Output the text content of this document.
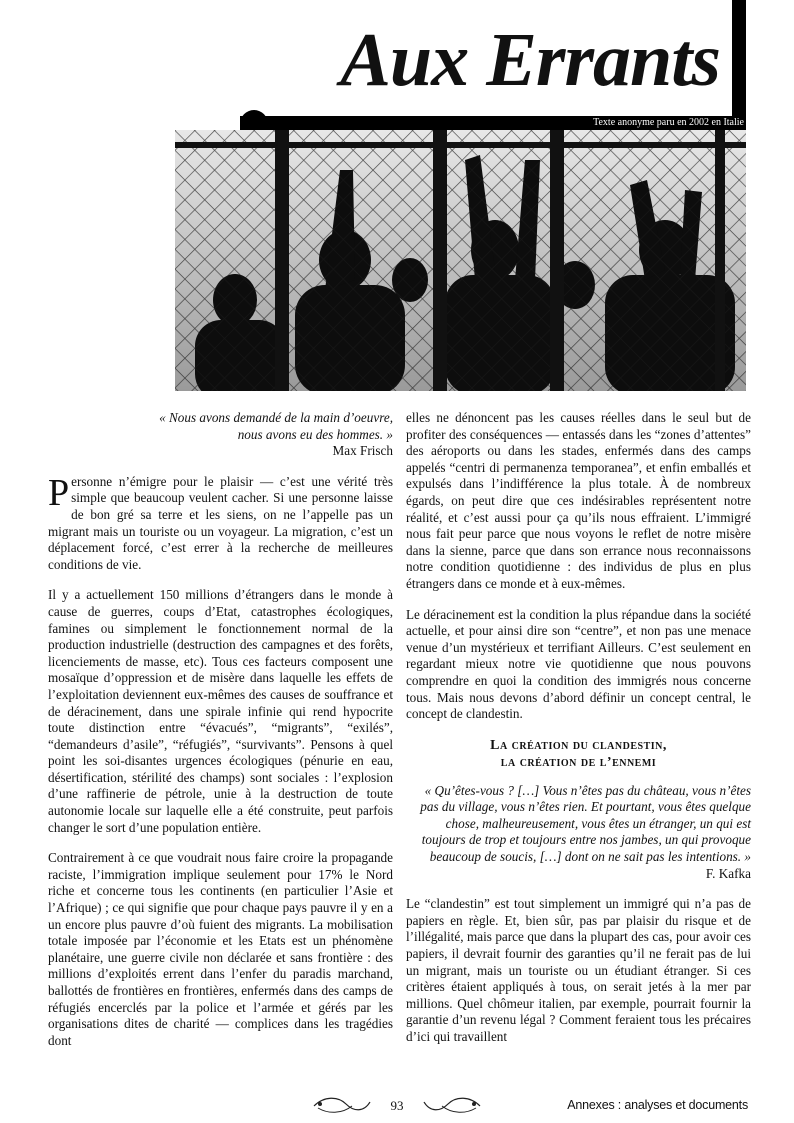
Aux Errants
Texte anonyme paru en 2002 en Italie
« Nous avons demandé de la main d’oeuvre,
nous avons eu des hommes. »
Max Frisch

Personne n’émigre pour le plaisir — c’est une vérité très simple que beaucoup veulent cacher. Si une personne laisse de bon gré sa terre et les siens, on ne l’appelle pas un migrant mais un touriste ou un voyageur. La migration, c’est un déplacement forcé, c’est errer à la recherche de meilleures conditions de vie.

Il y a actuellement 150 millions d’étrangers dans le monde à cause de guerres, coups d’Etat, catastrophes écologiques, famines ou simplement le fonctionnement normal de la production industrielle (destruction des campagnes et des forêts, licenciements de masse, etc). Tous ces facteurs composent une mosaïque d’oppression et de misère dans laquelle les effets de l’exploitation deviennent eux-mêmes des causes de souffrance et de déracinement, dans une spirale infinie qui rend hypocrite toute distinction entre “évacués”, “migrants”, “exilés”, “demandeurs d’asile”, “réfugiés”, “survivants”. Pensons à quel point les soi-disantes urgences écologiques (pénurie en eau, désertification, stérilité des champs) sont sociales : l’explosion d’une raffinerie de pétrole, unie à la destruction de toute autonomie locale sur laquelle elle a été construite, peut parfois changer le sort d’une population entière.

Contrairement à ce que voudrait nous faire croire la propagande raciste, l’immigration implique seulement pour 17% le Nord riche et concerne tous les continents (en particulier l’Asie et l’Afrique) ; ce qui signifie que pour chaque pays pauvre il y en a un encore plus pauvre d’où fuient des migrants. La mobilisation totale imposée par l’économie et les Etats est un phénomène planétaire, une guerre civile non déclarée et sans frontière : des millions d’exploités errent dans l’enfer du paradis marchand, ballottés de frontières en frontières, enfermés dans des camps de réfugiés encerclés par la police et l’armée et gérés par les organisations dites de charité — complices dans les tragédies dont

elles ne dénoncent pas les causes réelles dans le seul but de profiter des conséquences — entassés dans les “zones d’attentes” des aéroports ou dans les stades, enfermés dans des camps appelés “centri di permanenza temporanea”, et enfin emballés et expulsés dans l’indifférence la plus totale. À de nombreux égards, on peut dire que ces indésirables représentent notre réalité, et c’est aussi pour ça qu’ils nous effraient. L’immigré nous fait peur parce que nous voyons le reflet de notre misère dans la sienne, parce que dans son errance nous reconnaissons notre condition quotidienne : des individus de plus en plus étrangers dans ce monde et à eux-mêmes.

Le déracinement est la condition la plus répandue dans la société actuelle, et pour ainsi dire son “centre”, et non pas une menace venue d’un mystérieux et terrifiant Ailleurs. C’est seulement en regardant mieux notre vie quotidienne que nous pouvons comprendre en quoi la condition des immigrés nous concerne tous. Mais nous devons d’abord définir un concept central, le concept de clandestin.

La création du clandestin,
la création de l’ennemi
« Qu’êtes-vous ? […] Vous n’êtes pas du château, vous n’êtes pas du village, vous n’êtes rien. Et pourtant, vous êtes quelque chose, malheureusement, vous êtes un étranger, un qui est toujours de trop et toujours entre nos jambes, un qui provoque beaucoup de soucis, […] dont on ne sait pas les intentions. »
F. Kafka

Le “clandestin” est tout simplement un immigré qui n’a pas de papiers en règle. Et, bien sûr, pas par plaisir du risque et de l’illégalité, mais parce que dans la plupart des cas, pour avoir ces papiers, il devrait fournir des garanties qu’il ne ferait pas de lui un migrant, mais un touriste ou un étudiant étranger. Si ces critères étaient appliqués à tous, on serait jetés à la mer par millions. Quel chômeur italien, par exemple, pourrait fournir la garantie d’un revenu légal ? Comment feraient tous les précaires d’ici qui travaillent

93	Annexes : analyses et documents
